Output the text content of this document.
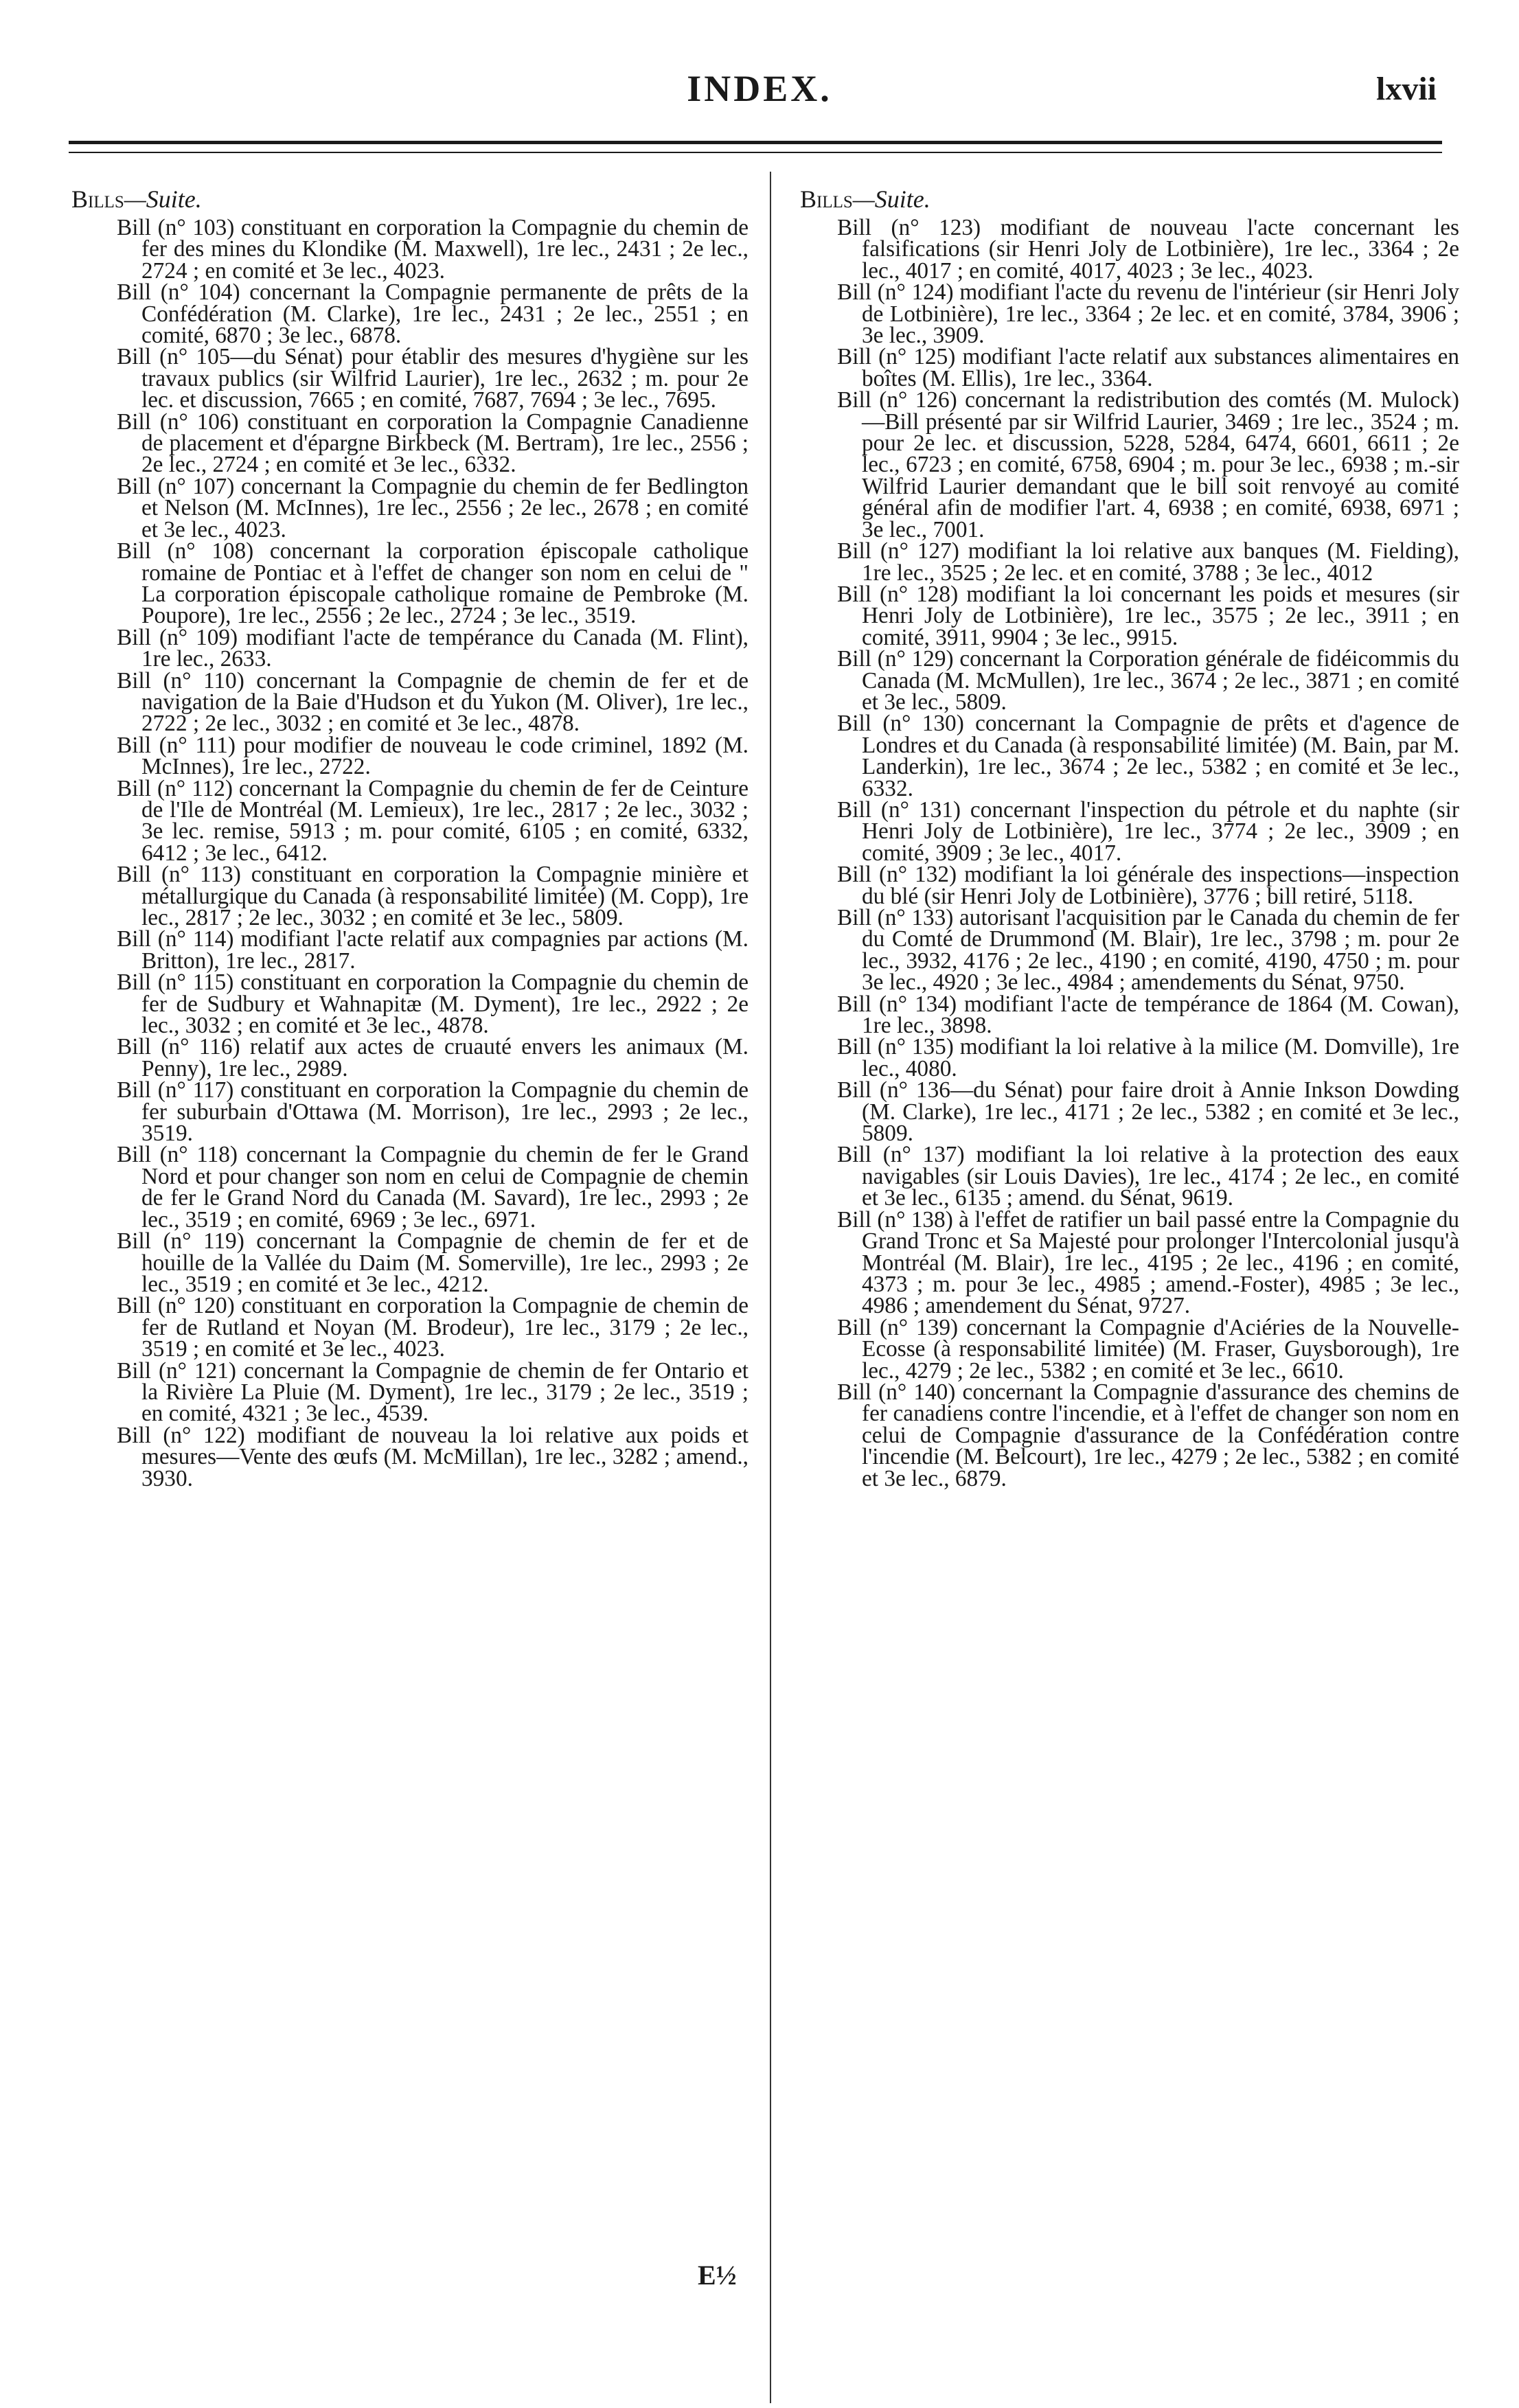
INDEX.	lxvii
Bills—Suite.

Bill (n° 103) constituant en corporation la Compagnie du chemin de fer des mines du Klondike (M. Maxwell), 1re lec., 2431 ; 2e lec., 2724 ; en comité et 3e lec., 4023.

Bill (n° 104) concernant la Compagnie permanente de prêts de la Confédération (M. Clarke), 1re lec., 2431 ; 2e lec., 2551 ; en comité, 6870 ; 3e lec., 6878.

Bill (n° 105—du Sénat) pour établir des mesures d'hygiène sur les travaux publics (sir Wilfrid Laurier), 1re lec., 2632 ; m. pour 2e lec. et discussion, 7665 ; en comité, 7687, 7694 ; 3e lec., 7695.

Bill (n° 106) constituant en corporation la Compagnie Canadienne de placement et d'épargne Birkbeck (M. Bertram), 1re lec., 2556 ; 2e lec., 2724 ; en comité et 3e lec., 6332.

Bill (n° 107) concernant la Compagnie du chemin de fer Bedlington et Nelson (M. McInnes), 1re lec., 2556 ; 2e lec., 2678 ; en comité et 3e lec., 4023.

Bill (n° 108) concernant la corporation épiscopale catholique romaine de Pontiac et à l'effet de changer son nom en celui de " La corporation épiscopale catholique romaine de Pembroke (M. Poupore), 1re lec., 2556 ; 2e lec., 2724 ; 3e lec., 3519.

Bill (n° 109) modifiant l'acte de tempérance du Canada (M. Flint), 1re lec., 2633.

Bill (n° 110) concernant la Compagnie de chemin de fer et de navigation de la Baie d'Hudson et du Yukon (M. Oliver), 1re lec., 2722 ; 2e lec., 3032 ; en comité et 3e lec., 4878.

Bill (n° 111) pour modifier de nouveau le code criminel, 1892 (M. McInnes), 1re lec., 2722.

Bill (n° 112) concernant la Compagnie du chemin de fer de Ceinture de l'Ile de Montréal (M. Lemieux), 1re lec., 2817 ; 2e lec., 3032 ; 3e lec. remise, 5913 ; m. pour comité, 6105 ; en comité, 6332, 6412 ; 3e lec., 6412.

Bill (n° 113) constituant en corporation la Compagnie minière et métallurgique du Canada (à responsabilité limitée) (M. Copp), 1re lec., 2817 ; 2e lec., 3032 ; en comité et 3e lec., 5809.

Bill (n° 114) modifiant l'acte relatif aux compagnies par actions (M. Britton), 1re lec., 2817.

Bill (n° 115) constituant en corporation la Compagnie du chemin de fer de Sudbury et Wahnapitæ (M. Dyment), 1re lec., 2922 ; 2e lec., 3032 ; en comité et 3e lec., 4878.

Bill (n° 116) relatif aux actes de cruauté envers les animaux (M. Penny), 1re lec., 2989.

Bill (n° 117) constituant en corporation la Compagnie du chemin de fer suburbain d'Ottawa (M. Morrison), 1re lec., 2993 ; 2e lec., 3519.

Bill (n° 118) concernant la Compagnie du chemin de fer le Grand Nord et pour changer son nom en celui de Compagnie de chemin de fer le Grand Nord du Canada (M. Savard), 1re lec., 2993 ; 2e lec., 3519 ; en comité, 6969 ; 3e lec., 6971.

Bill (n° 119) concernant la Compagnie de chemin de fer et de houille de la Vallée du Daim (M. Somerville), 1re lec., 2993 ; 2e lec., 3519 ; en comité et 3e lec., 4212.

Bill (n° 120) constituant en corporation la Compagnie de chemin de fer de Rutland et Noyan (M. Brodeur), 1re lec., 3179 ; 2e lec., 3519 ; en comité et 3e lec., 4023.

Bill (n° 121) concernant la Compagnie de chemin de fer Ontario et la Rivière La Pluie (M. Dyment), 1re lec., 3179 ; 2e lec., 3519 ; en comité, 4321 ; 3e lec., 4539.

Bill (n° 122) modifiant de nouveau la loi relative aux poids et mesures—Vente des œufs (M. McMillan), 1re lec., 3282 ; amend., 3930.

Bills—Suite.

Bill (n° 123) modifiant de nouveau l'acte concernant les falsifications (sir Henri Joly de Lotbinière), 1re lec., 3364 ; 2e lec., 4017 ; en comité, 4017, 4023 ; 3e lec., 4023.

Bill (n° 124) modifiant l'acte du revenu de l'intérieur (sir Henri Joly de Lotbinière), 1re lec., 3364 ; 2e lec. et en comité, 3784, 3906 ; 3e lec., 3909.

Bill (n° 125) modifiant l'acte relatif aux substances alimentaires en boîtes (M. Ellis), 1re lec., 3364.

Bill (n° 126) concernant la redistribution des comtés (M. Mulock)—Bill présenté par sir Wilfrid Laurier, 3469 ; 1re lec., 3524 ; m. pour 2e lec. et discussion, 5228, 5284, 6474, 6601, 6611 ; 2e lec., 6723 ; en comité, 6758, 6904 ; m. pour 3e lec., 6938 ; m.-sir Wilfrid Laurier demandant que le bill soit renvoyé au comité général afin de modifier l'art. 4, 6938 ; en comité, 6938, 6971 ; 3e lec., 7001.

Bill (n° 127) modifiant la loi relative aux banques (M. Fielding), 1re lec., 3525 ; 2e lec. et en comité, 3788 ; 3e lec., 4012

Bill (n° 128) modifiant la loi concernant les poids et mesures (sir Henri Joly de Lotbinière), 1re lec., 3575 ; 2e lec., 3911 ; en comité, 3911, 9904 ; 3e lec., 9915.

Bill (n° 129) concernant la Corporation générale de fidéicommis du Canada (M. McMullen), 1re lec., 3674 ; 2e lec., 3871 ; en comité et 3e lec., 5809.

Bill (n° 130) concernant la Compagnie de prêts et d'agence de Londres et du Canada (à responsabilité limitée) (M. Bain, par M. Landerkin), 1re lec., 3674 ; 2e lec., 5382 ; en comité et 3e lec., 6332.

Bill (n° 131) concernant l'inspection du pétrole et du naphte (sir Henri Joly de Lotbinière), 1re lec., 3774 ; 2e lec., 3909 ; en comité, 3909 ; 3e lec., 4017.

Bill (n° 132) modifiant la loi générale des inspections—inspection du blé (sir Henri Joly de Lotbinière), 3776 ; bill retiré, 5118.

Bill (n° 133) autorisant l'acquisition par le Canada du chemin de fer du Comté de Drummond (M. Blair), 1re lec., 3798 ; m. pour 2e lec., 3932, 4176 ; 2e lec., 4190 ; en comité, 4190, 4750 ; m. pour 3e lec., 4920 ; 3e lec., 4984 ; amendements du Sénat, 9750.

Bill (n° 134) modifiant l'acte de tempérance de 1864 (M. Cowan), 1re lec., 3898.

Bill (n° 135) modifiant la loi relative à la milice (M. Domville), 1re lec., 4080.

Bill (n° 136—du Sénat) pour faire droit à Annie Inkson Dowding (M. Clarke), 1re lec., 4171 ; 2e lec., 5382 ; en comité et 3e lec., 5809.

Bill (n° 137) modifiant la loi relative à la protection des eaux navigables (sir Louis Davies), 1re lec., 4174 ; 2e lec., en comité et 3e lec., 6135 ; amend. du Sénat, 9619.

Bill (n° 138) à l'effet de ratifier un bail passé entre la Compagnie du Grand Tronc et Sa Majesté pour prolonger l'Intercolonial jusqu'à Montréal (M. Blair), 1re lec., 4195 ; 2e lec., 4196 ; en comité, 4373 ; m. pour 3e lec., 4985 ; amend.-Foster), 4985 ; 3e lec., 4986 ; amendement du Sénat, 9727.

Bill (n° 139) concernant la Compagnie d'Aciéries de la Nouvelle-Ecosse (à responsabilité limitée) (M. Fraser, Guysborough), 1re lec., 4279 ; 2e lec., 5382 ; en comité et 3e lec., 6610.

Bill (n° 140) concernant la Compagnie d'assurance des chemins de fer canadiens contre l'incendie, et à l'effet de changer son nom en celui de Compagnie d'assurance de la Confédération contre l'incendie (M. Belcourt), 1re lec., 4279 ; 2e lec., 5382 ; en comité et 3e lec., 6879.

E½
